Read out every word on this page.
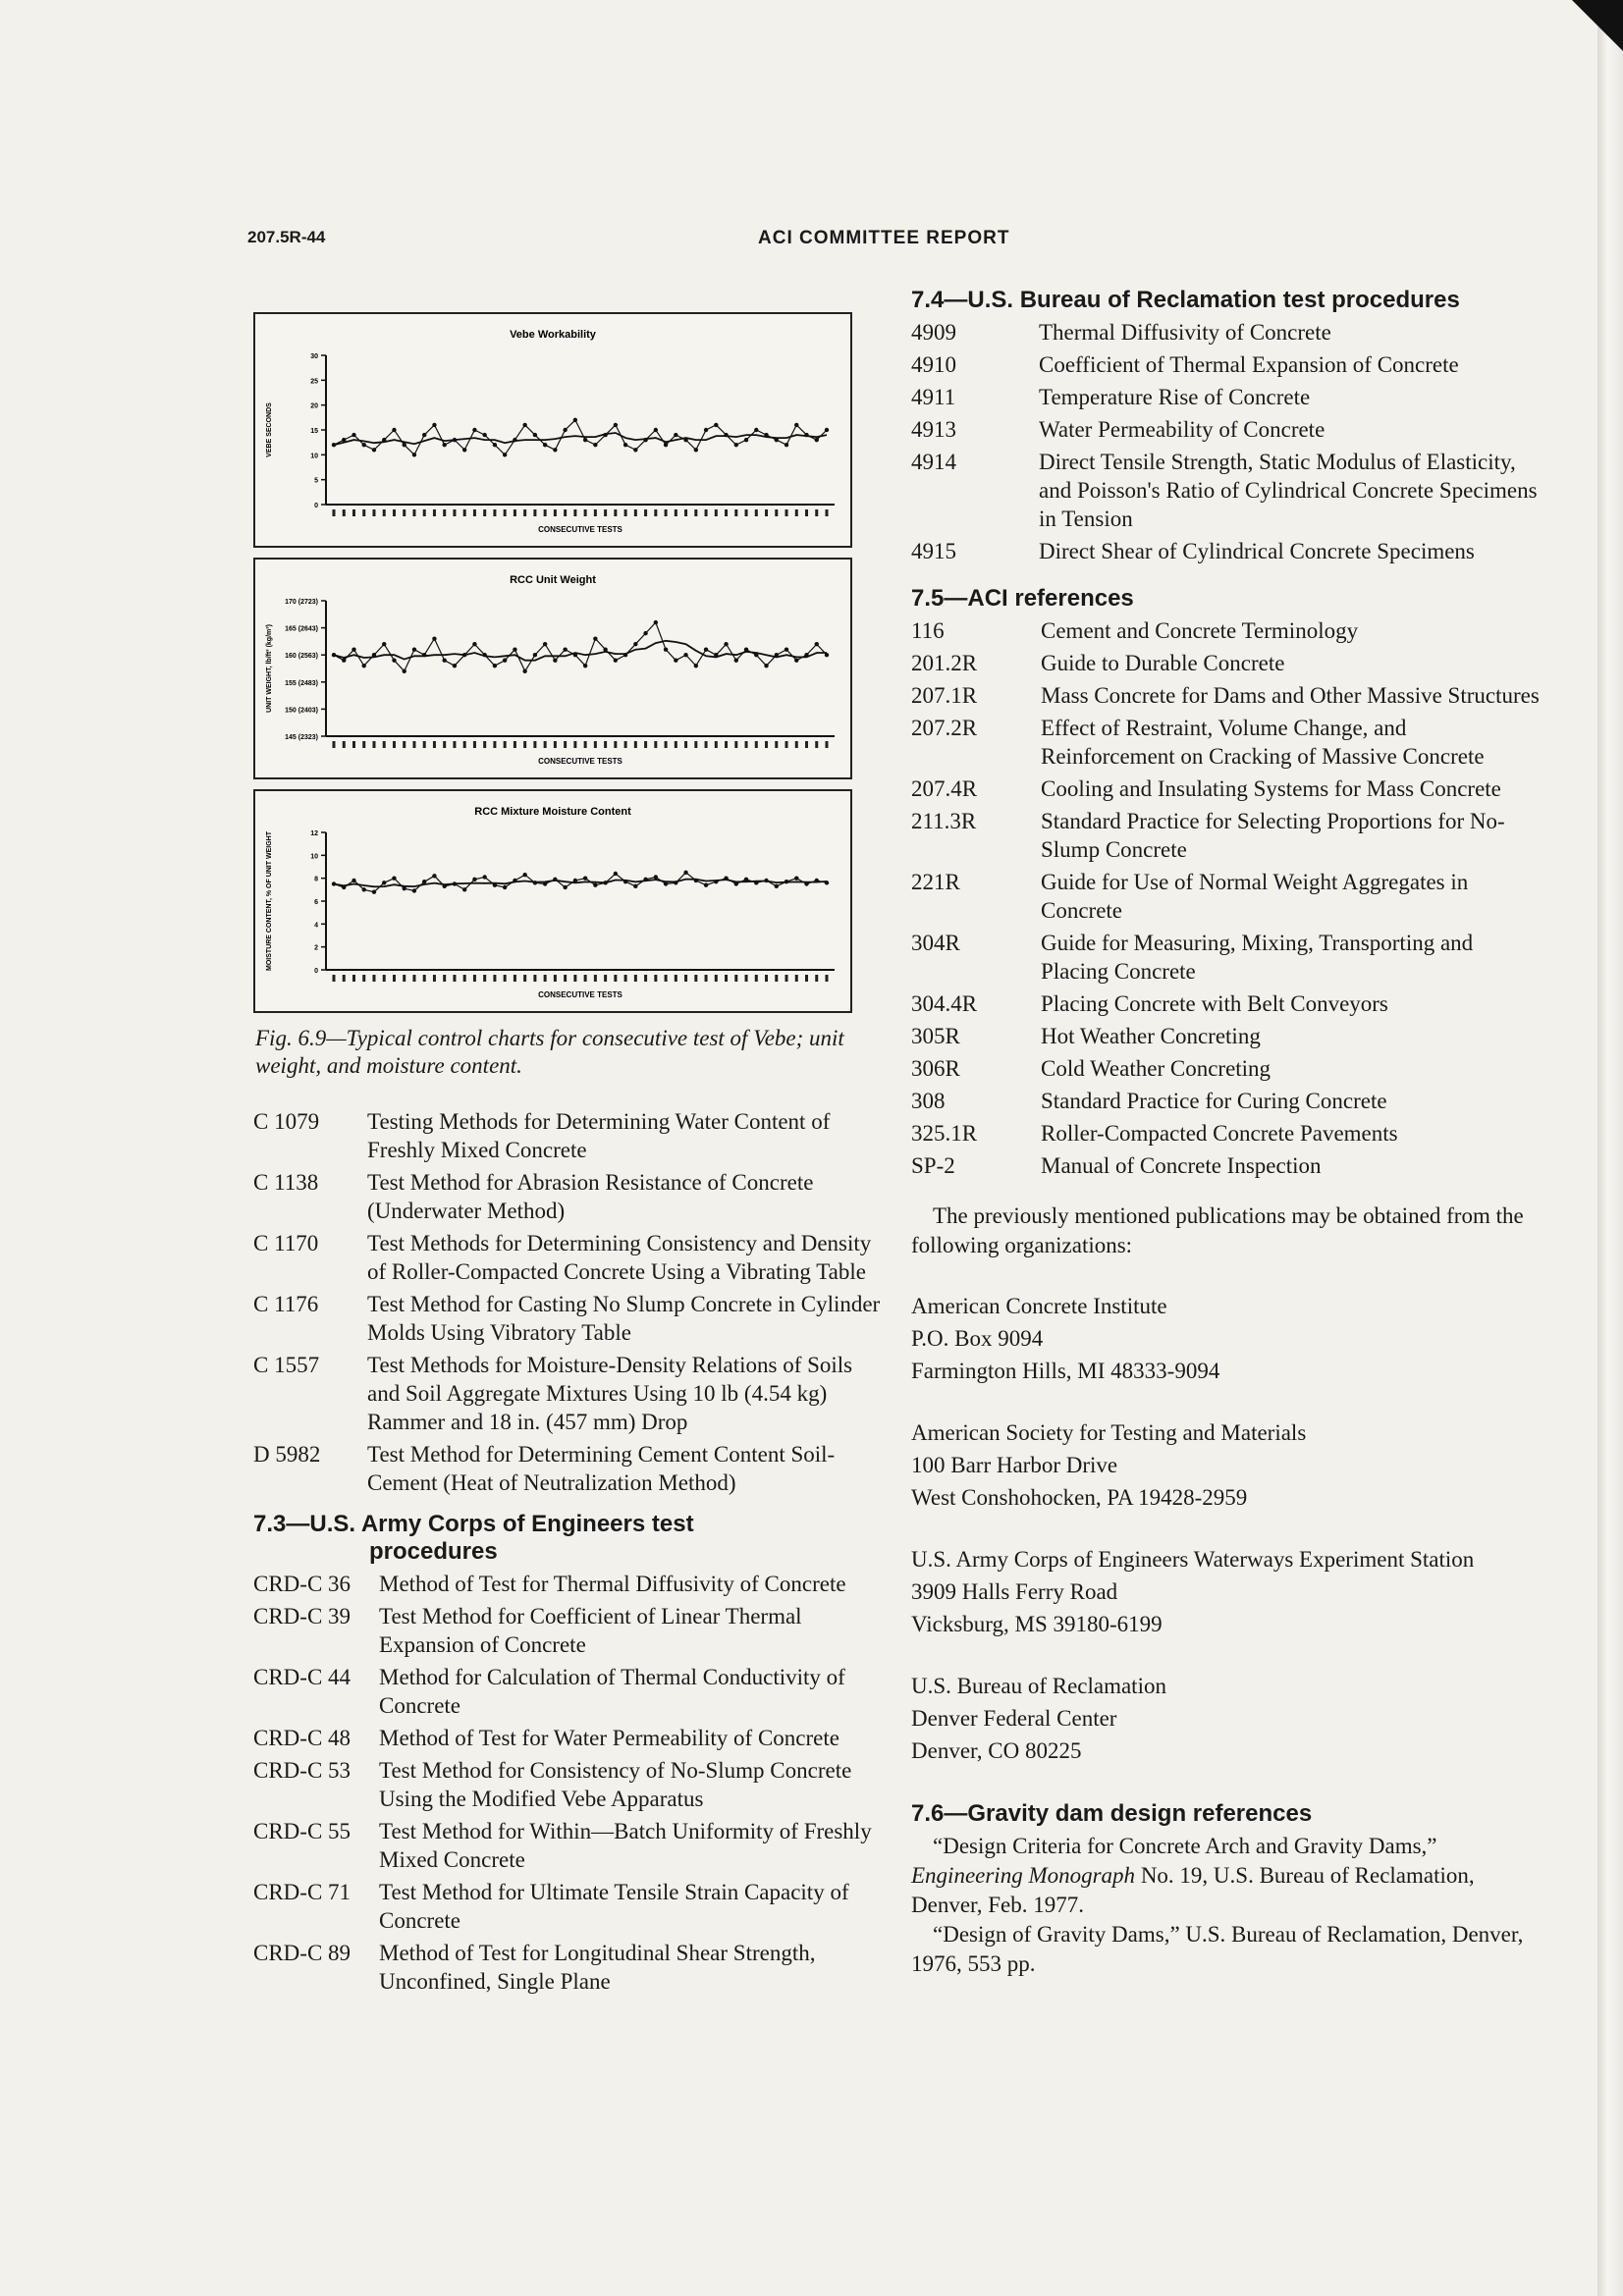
207.5R-44	ACI COMMITTEE REPORT
Vebe Workability
30
25
20
15
10
5
0
VEBE SECONDS
CONSECUTIVE TESTS
RCC Unit Weight
170 (2723)
165 (2643)
160 (2563)
155 (2483)
150 (2403)
145 (2323)
UNIT WEIGHT, lb/ft³ (kg/m³)
CONSECUTIVE TESTS
RCC Mixture Moisture Content
12
10
8
6
4
2
0
MOISTURE CONTENT, % OF UNIT WEIGHT
CONSECUTIVE TESTS
Fig. 6.9—Typical control charts for consecutive test of Vebe; unit weight, and moisture content.
C 1079	Testing Methods for Determining Water Content of Freshly Mixed Concrete
C 1138	Test Method for Abrasion Resistance of Concrete (Underwater Method)
C 1170	Test Methods for Determining Consistency and Density of Roller-Compacted Concrete Using a Vibrating Table
C 1176	Test Method for Casting No Slump Concrete in Cylinder Molds Using Vibratory Table
C 1557	Test Methods for Moisture-Density Relations of Soils and Soil Aggregate Mixtures Using 10 lb (4.54 kg) Rammer and 18 in. (457 mm) Drop
D 5982	Test Method for Determining Cement Content Soil-Cement (Heat of Neutralization Method)
7.3—U.S. Army Corps of Engineers test
procedures
CRD-C 36	Method of Test for Thermal Diffusivity of Concrete
CRD-C 39	Test Method for Coefficient of Linear Thermal Expansion of Concrete
CRD-C 44	Method for Calculation of Thermal Conductivity of Concrete
CRD-C 48	Method of Test for Water Permeability of Concrete
CRD-C 53	Test Method for Consistency of No-Slump Concrete Using the Modified Vebe Apparatus
CRD-C 55	Test Method for Within—Batch Uniformity of Freshly Mixed Concrete
CRD-C 71	Test Method for Ultimate Tensile Strain Capacity of Concrete
CRD-C 89	Method of Test for Longitudinal Shear Strength, Unconfined, Single Plane
7.4—U.S. Bureau of Reclamation test procedures
4909	Thermal Diffusivity of Concrete
4910	Coefficient of Thermal Expansion of Concrete
4911	Temperature Rise of Concrete
4913	Water Permeability of Concrete
4914	Direct Tensile Strength, Static Modulus of Elasticity, and Poisson's Ratio of Cylindrical Concrete Specimens in Tension
4915	Direct Shear of Cylindrical Concrete Specimens
7.5—ACI references
116	Cement and Concrete Terminology
201.2R	Guide to Durable Concrete
207.1R	Mass Concrete for Dams and Other Massive Structures
207.2R	Effect of Restraint, Volume Change, and Reinforcement on Cracking of Massive Concrete
207.4R	Cooling and Insulating Systems for Mass Concrete
211.3R	Standard Practice for Selecting Proportions for No-Slump Concrete
221R	Guide for Use of Normal Weight Aggregates in Concrete
304R	Guide for Measuring, Mixing, Transporting and Placing Concrete
304.4R	Placing Concrete with Belt Conveyors
305R	Hot Weather Concreting
306R	Cold Weather Concreting
308	Standard Practice for Curing Concrete
325.1R	Roller-Compacted Concrete Pavements
SP-2	Manual of Concrete Inspection

The previously mentioned publications may be obtained from the following organizations:

American Concrete Institute
P.O. Box 9094
Farmington Hills, MI 48333-9094
American Society for Testing and Materials
100 Barr Harbor Drive
West Conshohocken, PA 19428-2959
U.S. Army Corps of Engineers Waterways Experiment Station
3909 Halls Ferry Road
Vicksburg, MS 39180-6199
U.S. Bureau of Reclamation
Denver Federal Center
Denver, CO 80225
7.6—Gravity dam design references

“Design Criteria for Concrete Arch and Gravity Dams,” Engineering Monograph No. 19, U.S. Bureau of Reclamation, Denver, Feb. 1977.

“Design of Gravity Dams,” U.S. Bureau of Reclamation, Denver, 1976, 553 pp.
